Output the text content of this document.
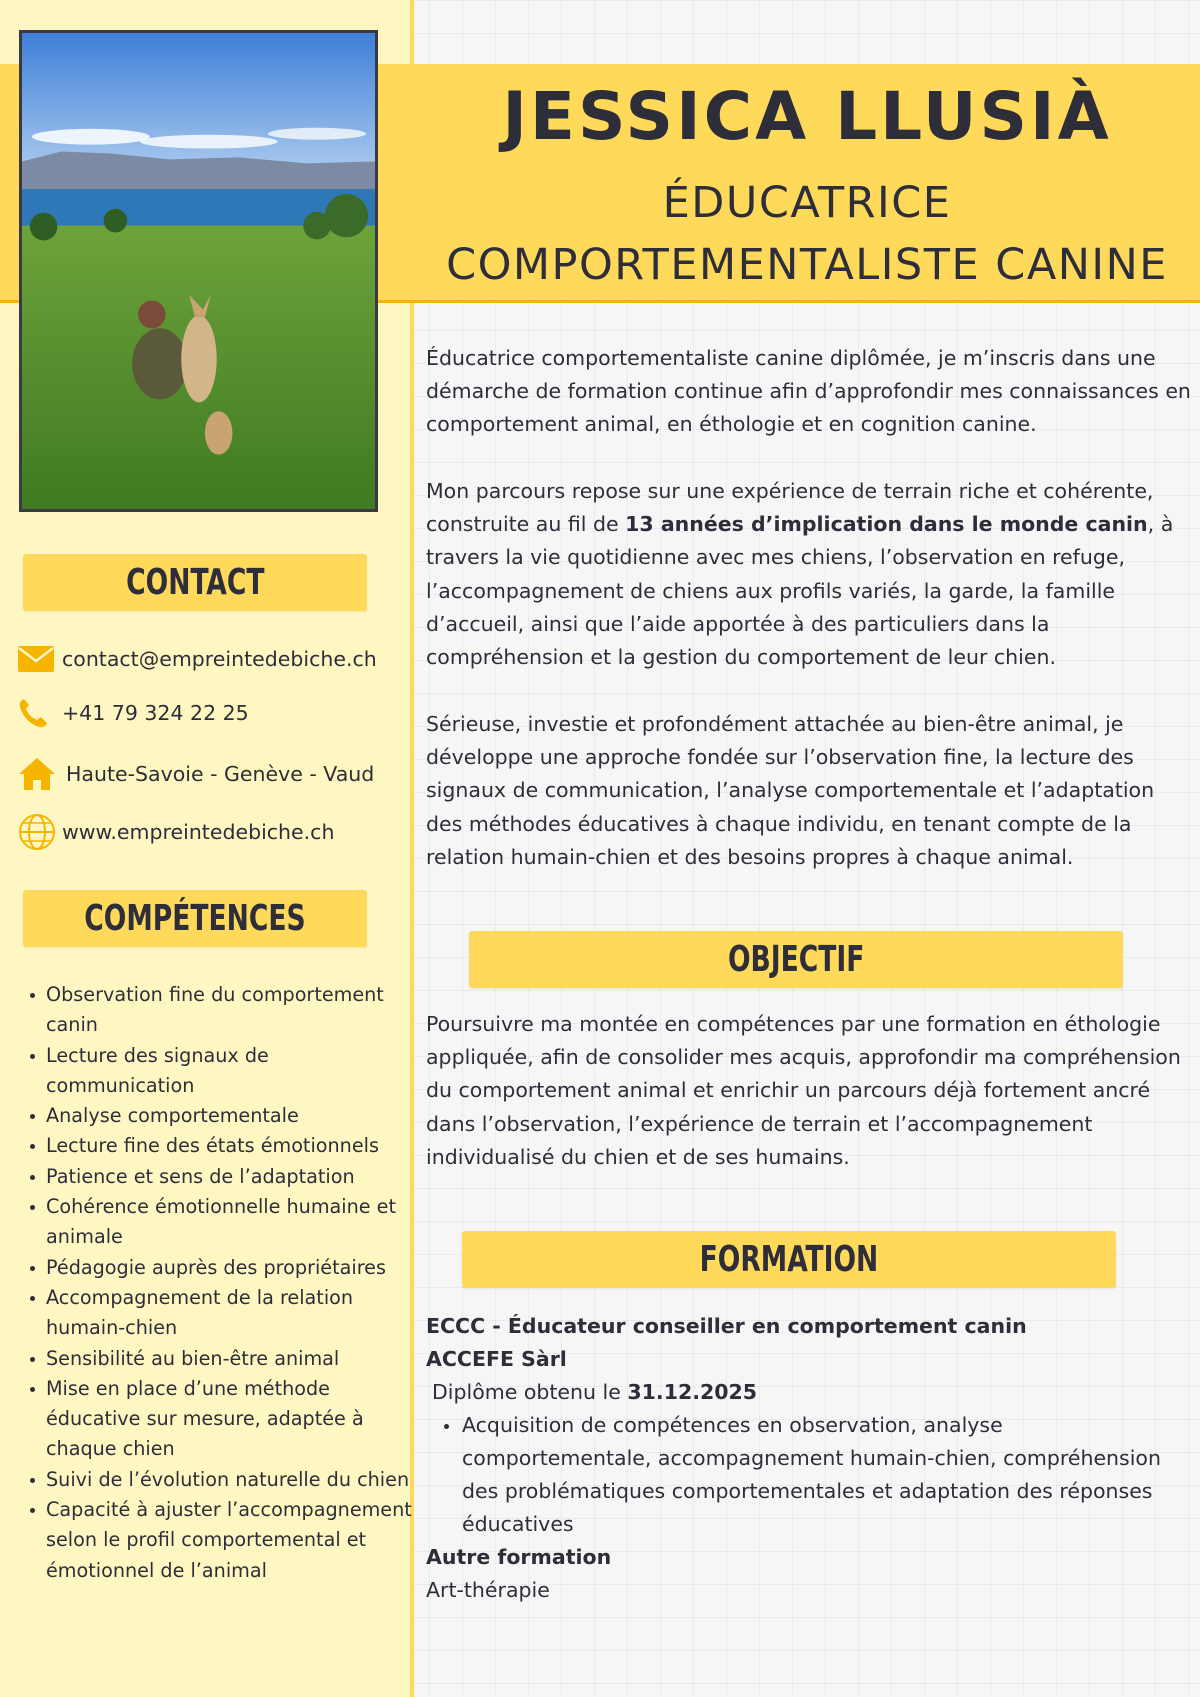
JESSICA LLUSIÀ
ÉDUCATRICE
COMPORTEMENTALISTE CANINE
CONTACT
contact@empreintedebiche.ch
+41 79 324 22 25
Haute-Savoie - Genève - Vaud
www.empreintedebiche.ch
COMPÉTENCES
Observation fine du comportement canin
Lecture des signaux de communication
Analyse comportementale
Lecture fine des états émotionnels
Patience et sens de l’adaptation
Cohérence émotionnelle humaine et animale
Pédagogie auprès des propriétaires
Accompagnement de la relation humain-chien
Sensibilité au bien-être animal
Mise en place d’une méthode éducative sur mesure, adaptée à chaque chien
Suivi de l’évolution naturelle du chien
Capacité à ajuster l’accompagnement selon le profil comportemental et émotionnel de l’animal

Éducatrice comportementaliste canine diplômée, je m’inscris dans une démarche de formation continue afin d’approfondir mes connaissances en comportement animal, en éthologie et en cognition canine.

Mon parcours repose sur une expérience de terrain riche et cohérente, construite au fil de 13 années d’implication dans le monde canin, à travers la vie quotidienne avec mes chiens, l’observation en refuge, l’accompagnement de chiens aux profils variés, la garde, la famille d’accueil, ainsi que l’aide apportée à des particuliers dans la compréhension et la gestion du comportement de leur chien.

Sérieuse, investie et profondément attachée au bien-être animal, je développe une approche fondée sur l’observation fine, la lecture des signaux de communication, l’analyse comportementale et l’adaptation des méthodes éducatives à chaque individu, en tenant compte de la relation humain-chien et des besoins propres à chaque animal.

OBJECTIF

Poursuivre ma montée en compétences par une formation en éthologie appliquée, afin de consolider mes acquis, approfondir ma compréhension du comportement animal et enrichir un parcours déjà fortement ancré dans l’observation, l’expérience de terrain et l’accompagnement individualisé du chien et de ses humains.

FORMATION
ECCC - Éducateur conseiller en comportement canin
ACCEFE Sàrl
Diplôme obtenu le 31.12.2025
Acquisition de compétences en observation, analyse comportementale, accompagnement humain-chien, compréhension des problématiques comportementales et adaptation des réponses éducatives
Autre formation
Art-thérapie
